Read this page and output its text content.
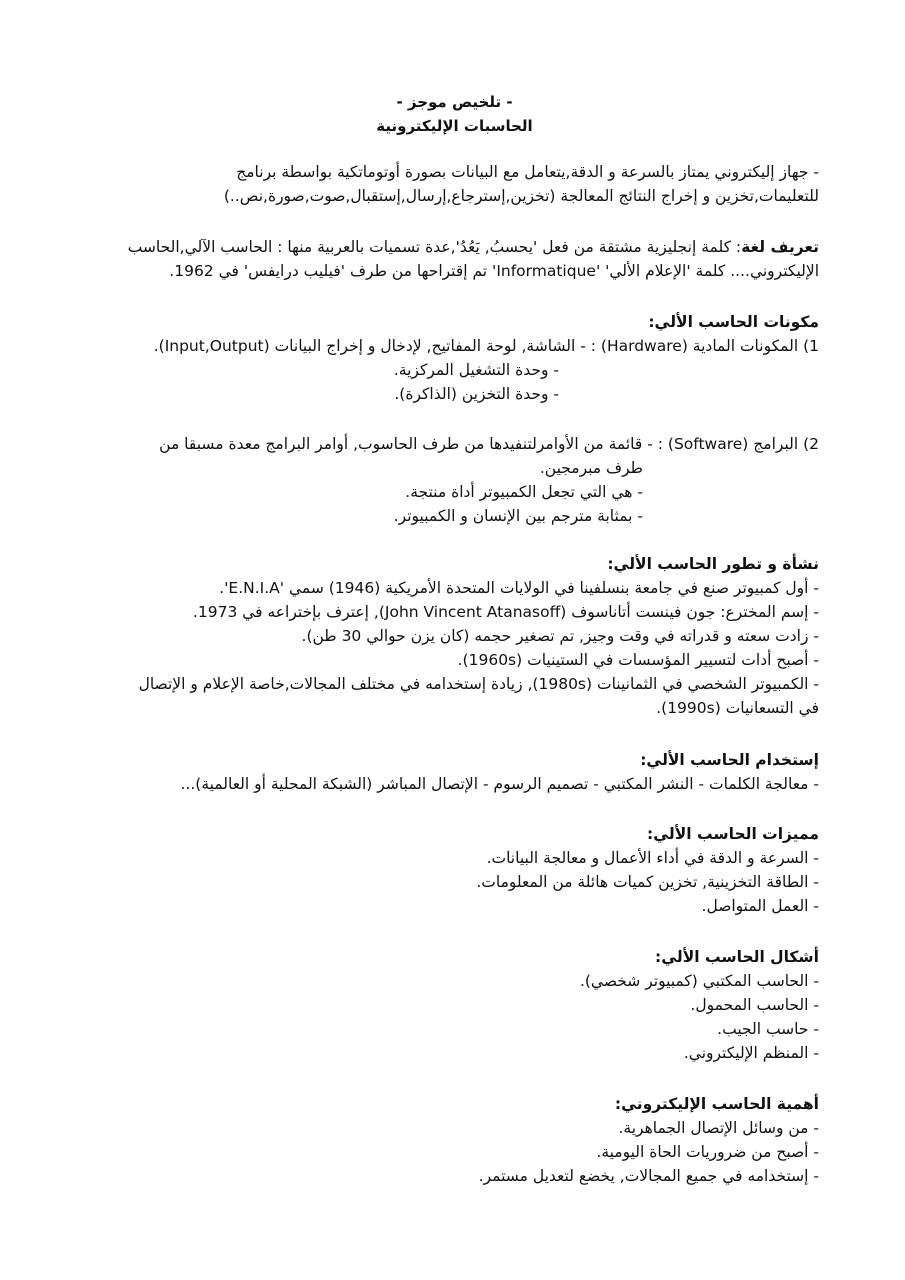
- تلخيص موجز -
الحاسبات الإليكترونية
- جهاز إليكتروني يمتاز بالسرعة و الدقة,يتعامل مع البيانات بصورة أوتوماتكية بواسطة برنامج
للتعليمات,تخزين و إخراج النتائج المعالجة (تخزين,إسترجاع,إرسال,إستقبال,صوت,صورة,نص..)
تعريف لغة: كلمة إنجليزية مشتقة من فعل 'يحسبُ, يَعُدُ',عدة تسميات بالعربية منها : الحاسب الآلي,الحاسب
الإليكتروني.... كلمة 'الإعلام الألي' 'Informatique' تم إقتراحها من طرف 'فيليب درايفس' في 1962.
مكونات الحاسب الألي:
1) المكونات المادية (Hardware) : - الشاشة, لوحة المفاتيح, لإدخال و إخراج البيانات (Input,Output).
- وحدة التشغيل المركزية.
- وحدة التخزين (الذاكرة).
2) البرامج (Software) : - قائمة من الأوامرلتنفيدها من طرف الحاسوب, أوامر البرامج معدة مسبقا من
طرف مبرمجين.
- هي التي تجعل الكمبيوتر أداة منتجة.
- بمثابة مترجم بين الإنسان و الكمبيوتر.
نشأة و تطور الحاسب الألي:
- أول كمبيوتر صنع في جامعة بنسلفينا في الولايات المتحدة الأمريكية (1946) سمي 'E.N.I.A'.
- إسم المخترع: جون فينست أتاناسوف (John Vincent Atanasoff), إعترف بإختراعه في 1973.
- زادت سعته و قدراته في وقت وجيز, تم تصغير حجمه (كان يزن حوالي 30 طن).
- أصبح أدات لتسيير المؤسسات في الستينيات (1960s).
- الكمبيوتر الشخصي في الثمانينات (1980s), زيادة إستخدامه في مختلف المجالات,خاصة الإعلام و الإتصال
في التسعانيات (1990s).
إستخدام الحاسب الألي:
- معالجة الكلمات - النشر المكتبي - تصميم الرسوم - الإتصال المباشر (الشبكة المحلية أو العالمية)...
مميزات الحاسب الألي:
- السرعة و الدقة في أداء الأعمال و معالجة البيانات.
- الطاقة التخزينية, تخزين كميات هائلة من المعلومات.
- العمل المتواصل.
أشكال الحاسب الألي:
- الحاسب المكتبي (كمبيوتر شخصي).
- الحاسب المحمول.
- حاسب الجيب.
- المنظم الإليكتروني.
أهمية الحاسب الإليكتروني:
- من وسائل الإتصال الجماهرية.
- أصبح من ضروريات الحاة اليومية.
- إستخدامه في جميع المجالات, يخضع لتعديل مستمر.
